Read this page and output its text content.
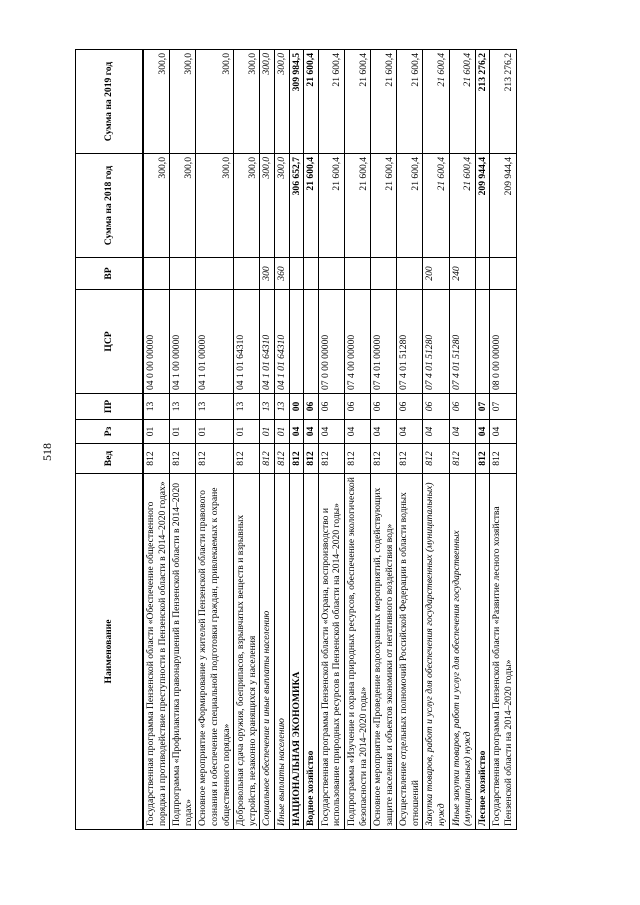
518
Наименование	Вед	Рз	ПР	ЦСР	ВР	Сумма на 2018 год	Сумма на 2019 год
Государственная программа Пензенской области «Обеспечение общественного порядка и противодействие преступности в Пензенской области в 2014–2020 годах»	812	01	13	04 0 00 00000		300,0	300,0
Подпрограмма «Профилактика правонарушений в Пензенской области в 2014–2020 годах»	812	01	13	04 1 00 00000		300,0	300,0
Основное мероприятие «Формирование у жителей Пензенской области правового сознания и обеспечение специальной подготовки граждан, привлекаемых к охране общественного порядка»	812	01	13	04 1 01 00000		300,0	300,0
Добровольная сдача оружия, боеприпасов, взрывчатых веществ и взрывных устройств, незаконно хранящихся у населения	812	01	13	04 1 01 64310		300,0	300,0
Социальное обеспечение и иные выплаты населению	812	01	13	04 1 01 64310	300	300,0	300,0
Иные выплаты населению	812	01	13	04 1 01 64310	360	300,0	300,0
НАЦИОНАЛЬНАЯ ЭКОНОМИКА	812	04	00			306 652,7	309 984,5
Водное хозяйство	812	04	06			21 600,4	21 600,4
Государственная программа Пензенской области «Охрана, воспроизводство и использование природных ресурсов в Пензенской области на 2014–2020 годы»	812	04	06	07 0 00 00000		21 600,4	21 600,4
Подпрограмма «Изучение и охрана природных ресурсов, обеспечение экологической безопасности на 2014–2020 годы»	812	04	06	07 4 00 00000		21 600,4	21 600,4
Основное мероприятие «Проведение водоохранных мероприятий, содействующих защите населения и объектов экономики от негативного воздействия вод»	812	04	06	07 4 01 00000		21 600,4	21 600,4
Осуществление отдельных полномочий Российской Федерации в области водных отношений	812	04	06	07 4 01 51280		21 600,4	21 600,4
Закупка товаров, работ и услуг для обеспечения государственных (муниципальных) нужд	812	04	06	07 4 01 51280	200	21 600,4	21 600,4
Иные закупки товаров, работ и услуг для обеспечения государственных (муниципальных) нужд	812	04	06	07 4 01 51280	240	21 600,4	21 600,4
Лесное хозяйство	812	04	07			209 944,4	213 276,2
Государственная программа Пензенской области «Развитие лесного хозяйства Пензенской области на 2014–2020 годы»	812	04	07	08 0 00 00000		209 944,4	213 276,2
